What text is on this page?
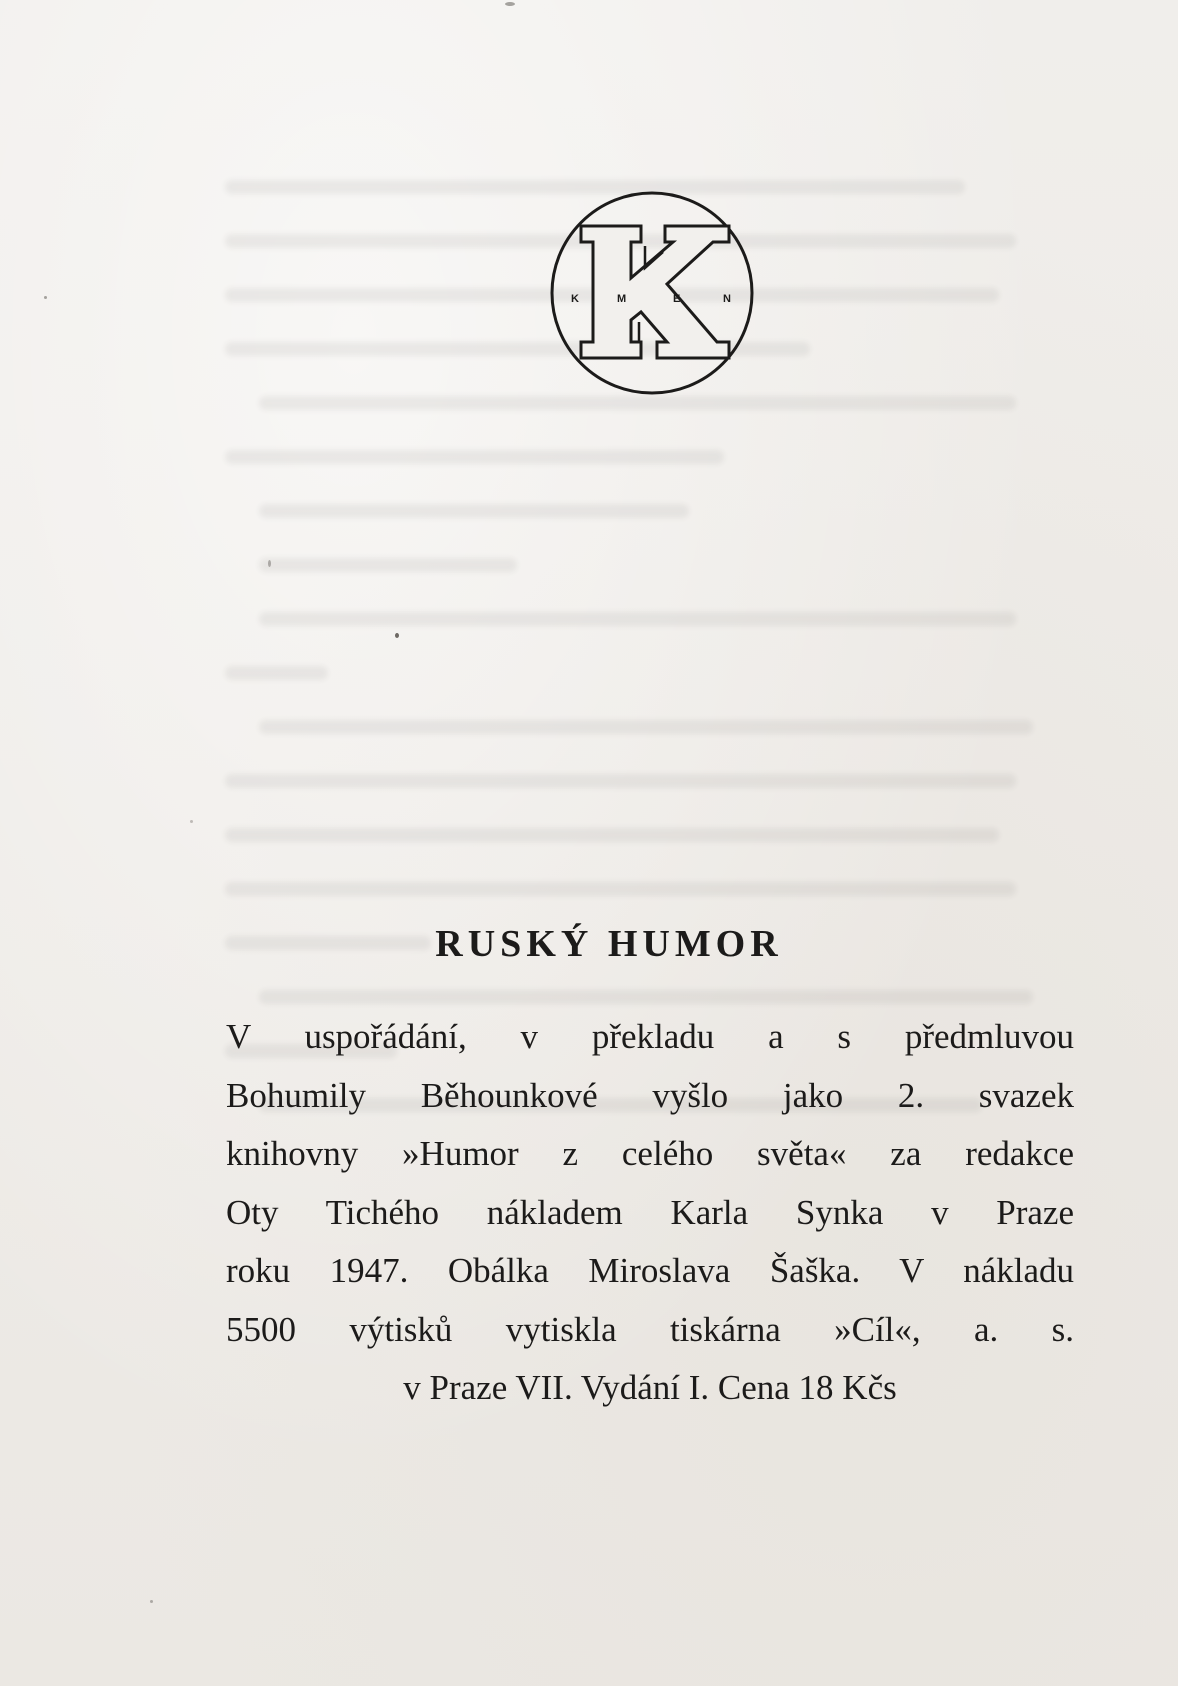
K	M	E	N
RUSKÝ HUMOR
V uspořádání, v překladu a s předmluvou
Bohumily Běhounkové vyšlo jako 2. svazek
knihovny »Humor z celého světa« za redakce
Oty Tichého nákladem Karla Synka v Praze
roku 1947. Obálka Miroslava Šaška. V nákladu
5500 výtisků vytiskla tiskárna »Cíl«, a. s.
v Praze VII. Vydání I. Cena 18 Kčs
